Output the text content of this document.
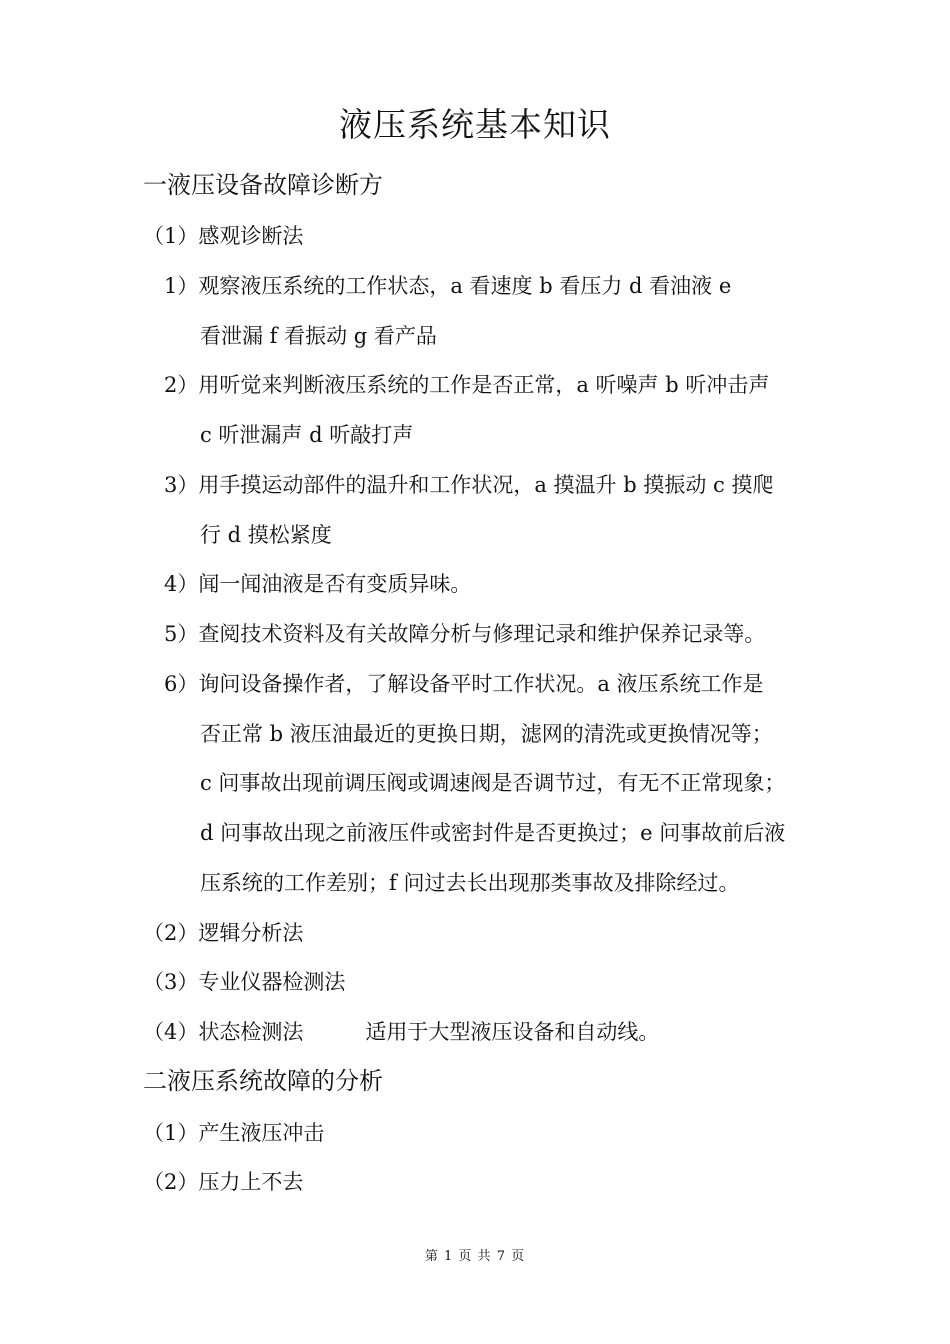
液压系统基本知识
一液压设备故障诊断方
（1）感观诊断法
1）观察液压系统的工作状态，a 看速度 b 看压力 d 看油液 e
看泄漏 f 看振动 g 看产品
2）用听觉来判断液压系统的工作是否正常，a 听噪声 b 听冲击声
c 听泄漏声 d 听敲打声
3）用手摸运动部件的温升和工作状况，a 摸温升 b 摸振动 c 摸爬
行 d 摸松紧度
4）闻一闻油液是否有变质异味。
5）查阅技术资料及有关故障分析与修理记录和维护保养记录等。
6）询问设备操作者，了解设备平时工作状况。a 液压系统工作是
否正常 b 液压油最近的更换日期，滤网的清洗或更换情况等；
c 问事故出现前调压阀或调速阀是否调节过，有无不正常现象；
d 问事故出现之前液压件或密封件是否更换过；e 问事故前后液
压系统的工作差别；f 问过去长出现那类事故及排除经过。
（2）逻辑分析法
（3）专业仪器检测法
（4）状态检测法	适用于大型液压设备和自动线。
二液压系统故障的分析
（1）产生液压冲击
（2）压力上不去
第 1 页 共 7 页
